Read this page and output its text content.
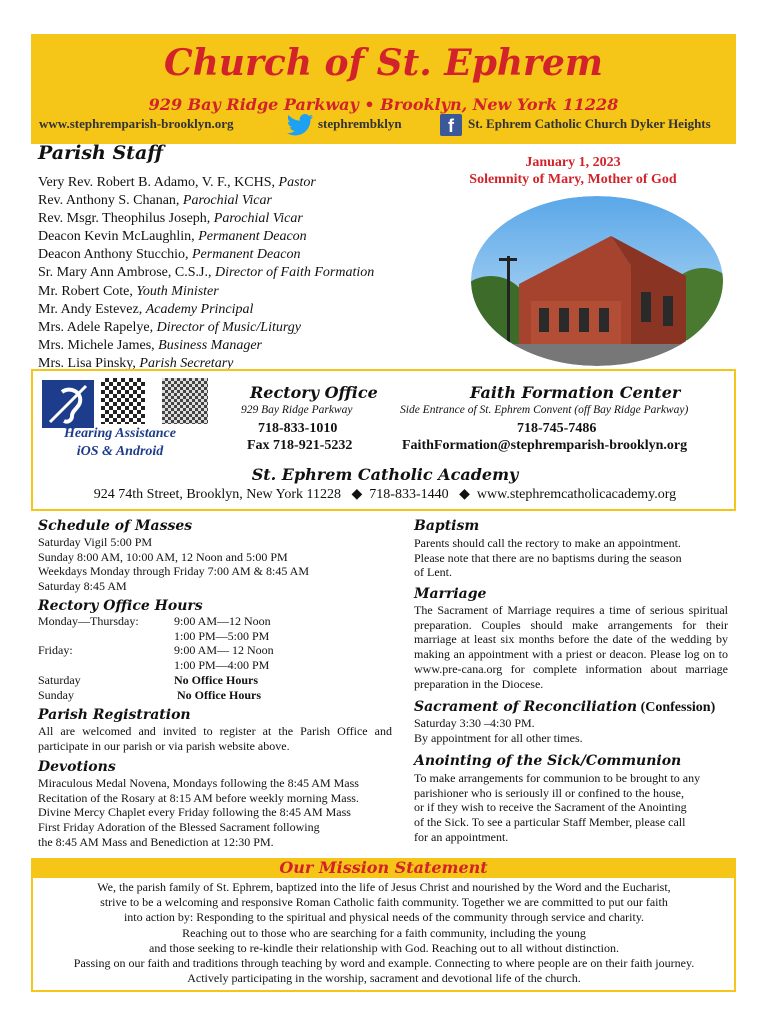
Church of St. Ephrem
929 Bay Ridge Parkway • Brooklyn, New York 11228
www.stephremparish-brooklyn.org	stephrembklyn	f	St. Ephrem Catholic Church Dyker Heights
Parish Staff
Very Rev. Robert B. Adamo, V. F., KCHS, Pastor
Rev. Anthony S. Chanan, Parochial Vicar
Rev. Msgr. Theophilus Joseph, Parochial Vicar
Deacon Kevin McLaughlin, Permanent Deacon
Deacon Anthony Stucchio, Permanent Deacon
Sr. Mary Ann Ambrose, C.S.J., Director of Faith Formation
Mr. Robert Cote, Youth Minister
Mr. Andy Estevez, Academy Principal
Mrs. Adele Rapelye, Director of Music/Liturgy
Mrs. Michele James, Business Manager
Mrs. Lisa Pinsky, Parish Secretary
January 1, 2023
Solemnity of Mary, Mother of God
Hearing Assistance
iOS & Android
Rectory Office
929 Bay Ridge Parkway
718-833-1010
Fax 718-921-5232
Faith Formation Center
Side Entrance of St. Ephrem Convent (off Bay Ridge Parkway)
718-745-7486
FaithFormation@stephremparish-brooklyn.org
St. Ephrem Catholic Academy
924 74th Street, Brooklyn, New York 11228   ◆  718-833-1440   ◆  www.stephremcatholicacademy.org
Schedule of Masses
Saturday Vigil 5:00 PM
Sunday 8:00 AM, 10:00 AM, 12 Noon and 5:00 PM
Weekdays Monday through Friday 7:00 AM & 8:45 AM
Saturday 8:45 AM
Rectory Office Hours
Monday—Thursday:	9:00 AM—12 Noon
	1:00 PM—5:00 PM
Friday:	9:00 AM— 12 Noon
	1:00 PM—4:00 PM
Saturday	No Office Hours
Sunday	No Office Hours
Parish Registration
All are welcomed and invited to register at the Parish Office and participate in our parish or via parish website above.
Devotions
Miraculous Medal Novena, Mondays following the 8:45 AM Mass
Recitation of the Rosary at 8:15 AM before weekly morning Mass.
Divine Mercy Chaplet every Friday following the 8:45 AM Mass
First Friday Adoration of the Blessed Sacrament following
the 8:45 AM Mass and Benediction at 12:30 PM.
Baptism
Parents should call the rectory to make an appointment.
Please note that there are no baptisms during the season
of Lent.
Marriage
The Sacrament of Marriage requires a time of serious spiritual preparation. Couples should make arrangements for their marriage at least six months before the date of the wedding by making an appointment with a priest or deacon. Please log on to www.pre-cana.org for complete information about marriage preparation in the Diocese.
Sacrament of Reconciliation (Confession)
Saturday 3:30 –4:30 PM.
By appointment for all other times.
Anointing of the Sick/Communion
To make arrangements for communion to be brought to any
parishioner who is seriously ill or confined to the house,
or if they wish to receive the Sacrament of the Anointing
of the Sick. To see a particular Staff Member, please call
for an appointment.
Our Mission Statement
We, the parish family of St. Ephrem, baptized into the life of Jesus Christ and nourished by the Word and the Eucharist,
strive to be a welcoming and responsive Roman Catholic faith community. Together we are committed to put our faith
into action by: Responding to the spiritual and physical needs of the community through service and charity.
Reaching out to those who are searching for a faith community, including the young
and those seeking to re-kindle their relationship with God. Reaching out to all without distinction.
Passing on our faith and traditions through teaching by word and example. Connecting to where people are on their faith journey.
Actively participating in the worship, sacrament and devotional life of the church.
